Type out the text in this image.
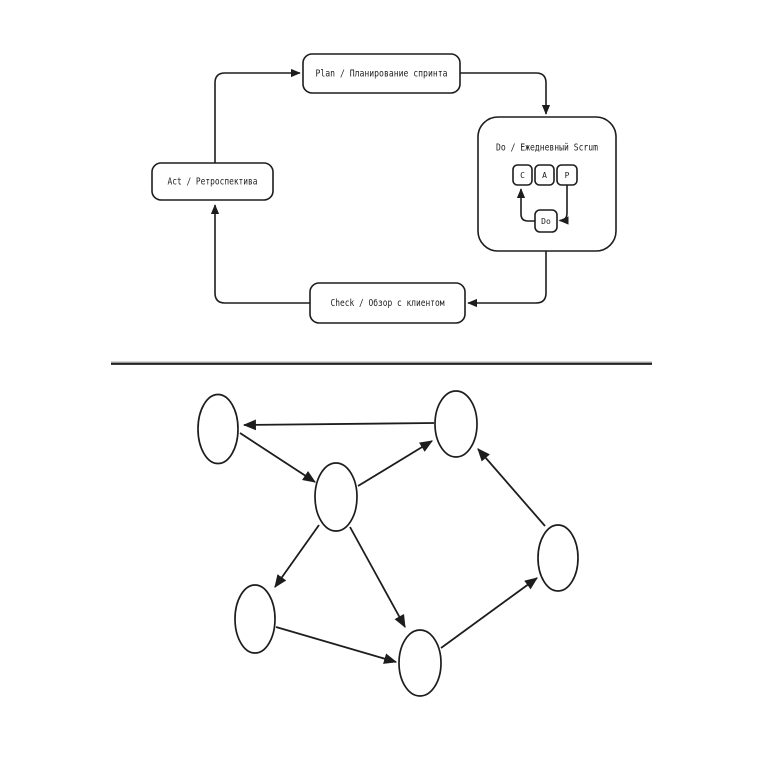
Plan / Планирование спринта
Act / Ретроспектива
Check / Обзор с клиентом
Do / Ежедневный Scrum
C A P
Do
